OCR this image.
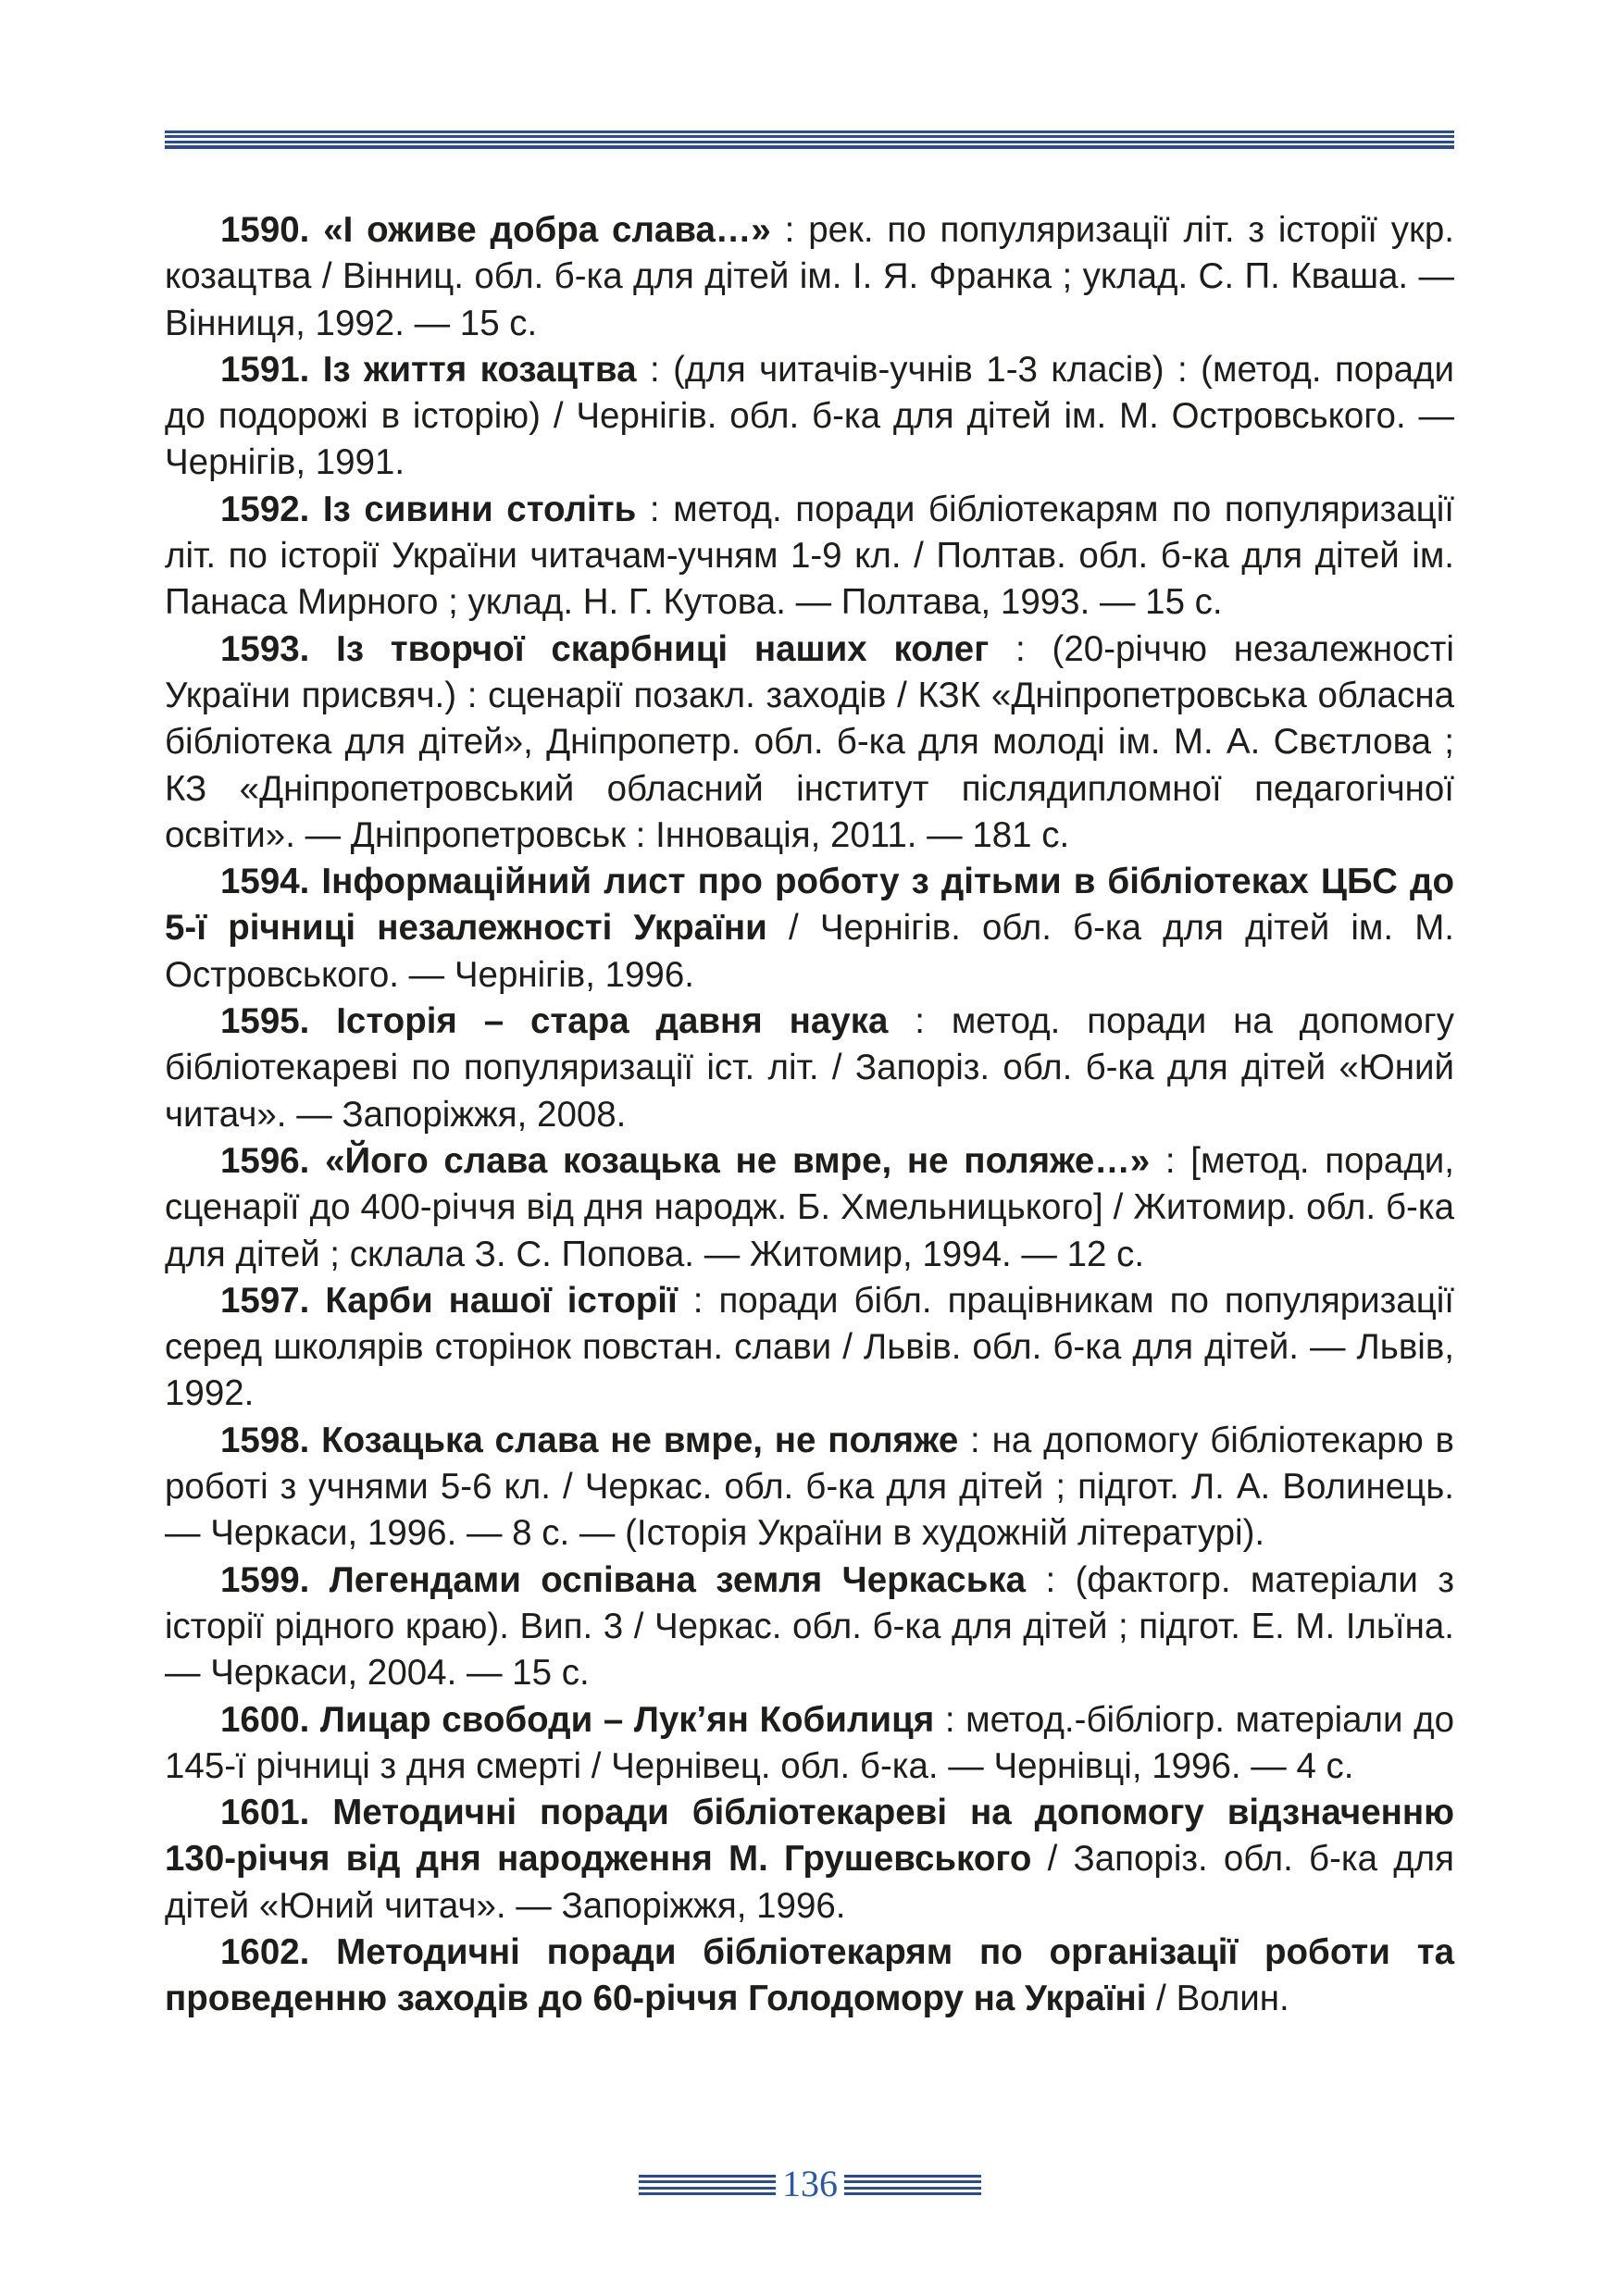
1590. «І оживе добра слава…» : рек. по популяризації літ. з історії укр. козацтва / Вінниц. обл. б-ка для дітей ім. І. Я. Франка ; уклад. С. П. Кваша. — Вінниця, 1992. — 15 с.

1591. Із життя козацтва : (для читачів-учнів 1-3 класів) : (метод. поради до подорожі в історію) / Чернігів. обл. б-ка для дітей ім. М. Островського. — Чернігів, 1991.

1592. Із сивини століть : метод. поради бібліотекарям по популяризації літ. по історії України читачам-учням 1-9 кл. / Полтав. обл. б-ка для дітей ім. Панаса Мирного ; уклад. Н. Г. Кутова. — Полтава, 1993. — 15 с.

1593. Із творчої скарбниці наших колег : (20-річчю незалежності України присвяч.) : сценарії позакл. заходів / КЗК «Дніпропетровська обласна бібліотека для дітей», Дніпропетр. обл. б-ка для молоді ім. М. А. Свєтлова ; КЗ «Дніпропетровський обласний інститут післядипломної педагогічної освіти». — Дніпропетровськ : Інновація, 2011. — 181 с.

1594. Інформаційний лист про роботу з дітьми в бібліотеках ЦБС до 5-ї річниці незалежності України / Чернігів. обл. б-ка для дітей ім. М. Островського. — Чернігів, 1996.

1595. Історія – стара давня наука : метод. поради на допомогу бібліотекареві по популяризації іст. літ. / Запоріз. обл. б-ка для дітей «Юний читач». — Запоріжжя, 2008.

1596. «Його слава козацька не вмре, не поляже…» : [метод. поради, сценарії до 400-річчя від дня народж. Б. Хмельницького] / Житомир. обл. б-ка для дітей ; склала З. С. Попова. — Житомир, 1994. — 12 с.

1597. Карби нашої історії : поради бібл. працівникам по популяризації серед школярів сторінок повстан. слави / Львів. обл. б-ка для дітей. — Львів, 1992.

1598. Козацька слава не вмре, не поляже : на допомогу бібліотекарю в роботі з учнями 5-6 кл. / Черкас. обл. б-ка для дітей ; підгот. Л. А. Волинець. — Черкаси, 1996. — 8 с. — (Історія України в художній літературі).

1599. Легендами оспівана земля Черкаська : (фактогр. матеріали з історії рідного краю). Вип. 3 / Черкас. обл. б-ка для дітей ; підгот. Е. М. Ільїна. — Черкаси, 2004. — 15 с.

1600. Лицар свободи – Лук’ян Кобилиця : метод.-бібліогр. матеріали до 145-ї річниці з дня смерті / Чернівец. обл. б-ка. — Чернівці, 1996. — 4 с.

1601. Методичні поради бібліотекареві на допомогу відзначенню 130-річчя від дня народження М. Грушевського / Запоріз. обл. б-ка для дітей «Юний читач». — Запоріжжя, 1996.

1602. Методичні поради бібліотекарям по організації роботи та проведенню заходів до 60-річчя Голодомору на Україні / Волин.

136
